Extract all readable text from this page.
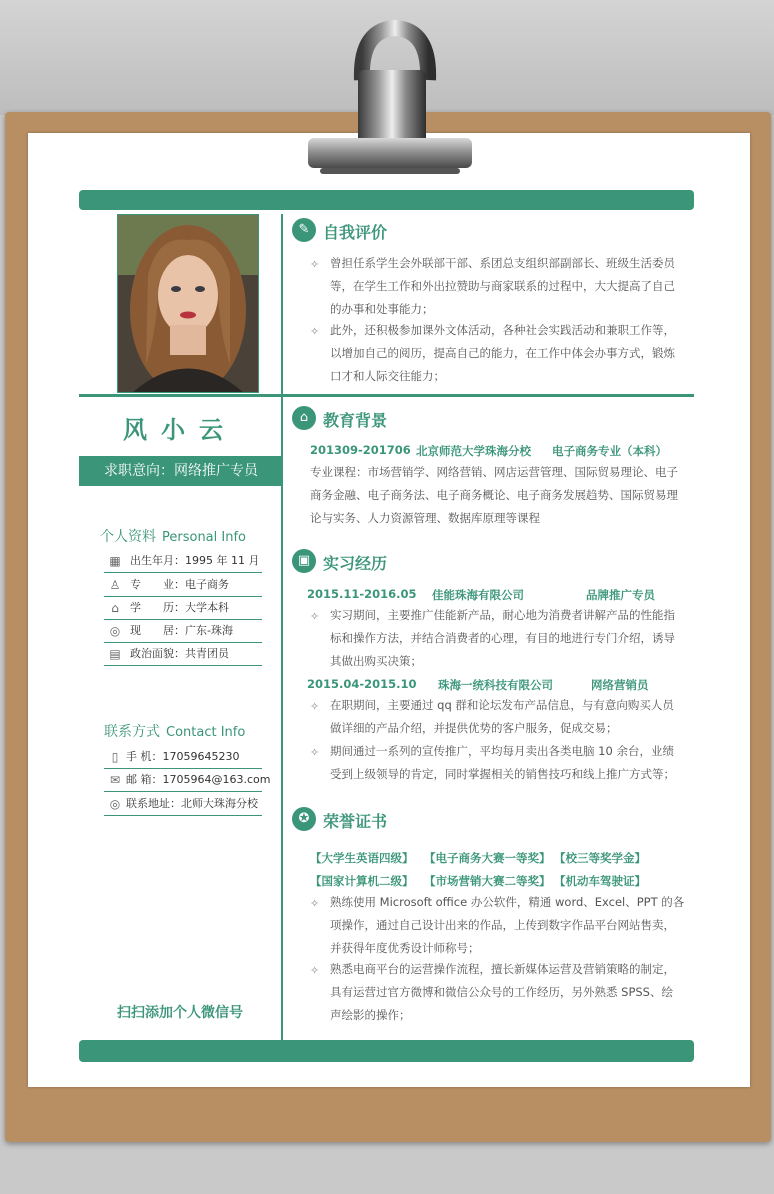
风小云
求职意向：网络推广专员
个人资料 Personal Info
▦ 出生年月：1995 年 11 月
♙ 专　　业：电子商务
⌂	学　　历：大学本科
◎ 现　　居：广东-珠海
▤ 政治面貌：共青团员
联系方式 Contact Info
▯ 手 机：17059645230
✉ 邮 箱：1705964@163.com
◎ 联系地址：北师大珠海分校
扫扫添加个人微信号
✎ 自我评价
✧ 曾担任系学生会外联部干部、系团总支组织部副部长、班级生活委员
等，在学生工作和外出拉赞助与商家联系的过程中，大大提高了自己
的办事和处事能力；
✧ 此外，还积极参加课外文体活动，各种社会实践活动和兼职工作等，
以增加自己的阅历，提高自己的能力，在工作中体会办事方式，锻炼
口才和人际交往能力；
⌂ 教育背景
201309-201706 北京师范大学珠海分校 电子商务专业（本科）
专业课程：市场营销学、网络营销、网店运营管理、国际贸易理论、电子
商务金融、电子商务法、电子商务概论、电子商务发展趋势、国际贸易理
论与实务、人力资源管理、数据库原理等课程
▣ 实习经历
2015.11-2016.05 佳能珠海有限公司	品牌推广专员
✧ 实习期间，主要推广佳能新产品，耐心地为消费者讲解产品的性能指
标和操作方法，并结合消费者的心理，有目的地进行专门介绍，诱导
其做出购买决策；
2015.04-2015.10 珠海一统科技有限公司	网络营销员
✧ 在职期间，主要通过 qq 群和论坛发布产品信息，与有意向购买人员
做详细的产品介绍，并提供优势的客户服务，促成交易；
✧ 期间通过一系列的宣传推广，平均每月卖出各类电脑 10 余台，业绩
受到上级领导的肯定，同时掌握相关的销售技巧和线上推广方式等；
✪ 荣誉证书
【大学生英语四级】 【电子商务大赛一等奖】 【校三等奖学金】
【国家计算机二级】 【市场营销大赛二等奖】 【机动车驾驶证】
✧ 熟练使用 Microsoft office 办公软件，精通 word、Excel、PPT 的各
项操作，通过自己设计出来的作品，上传到数字作品平台网站售卖，
并获得年度优秀设计师称号；
✧ 熟悉电商平台的运营操作流程，擅长新媒体运营及营销策略的制定，
具有运营过官方微博和微信公众号的工作经历，另外熟悉 SPSS、绘
声绘影的操作；
